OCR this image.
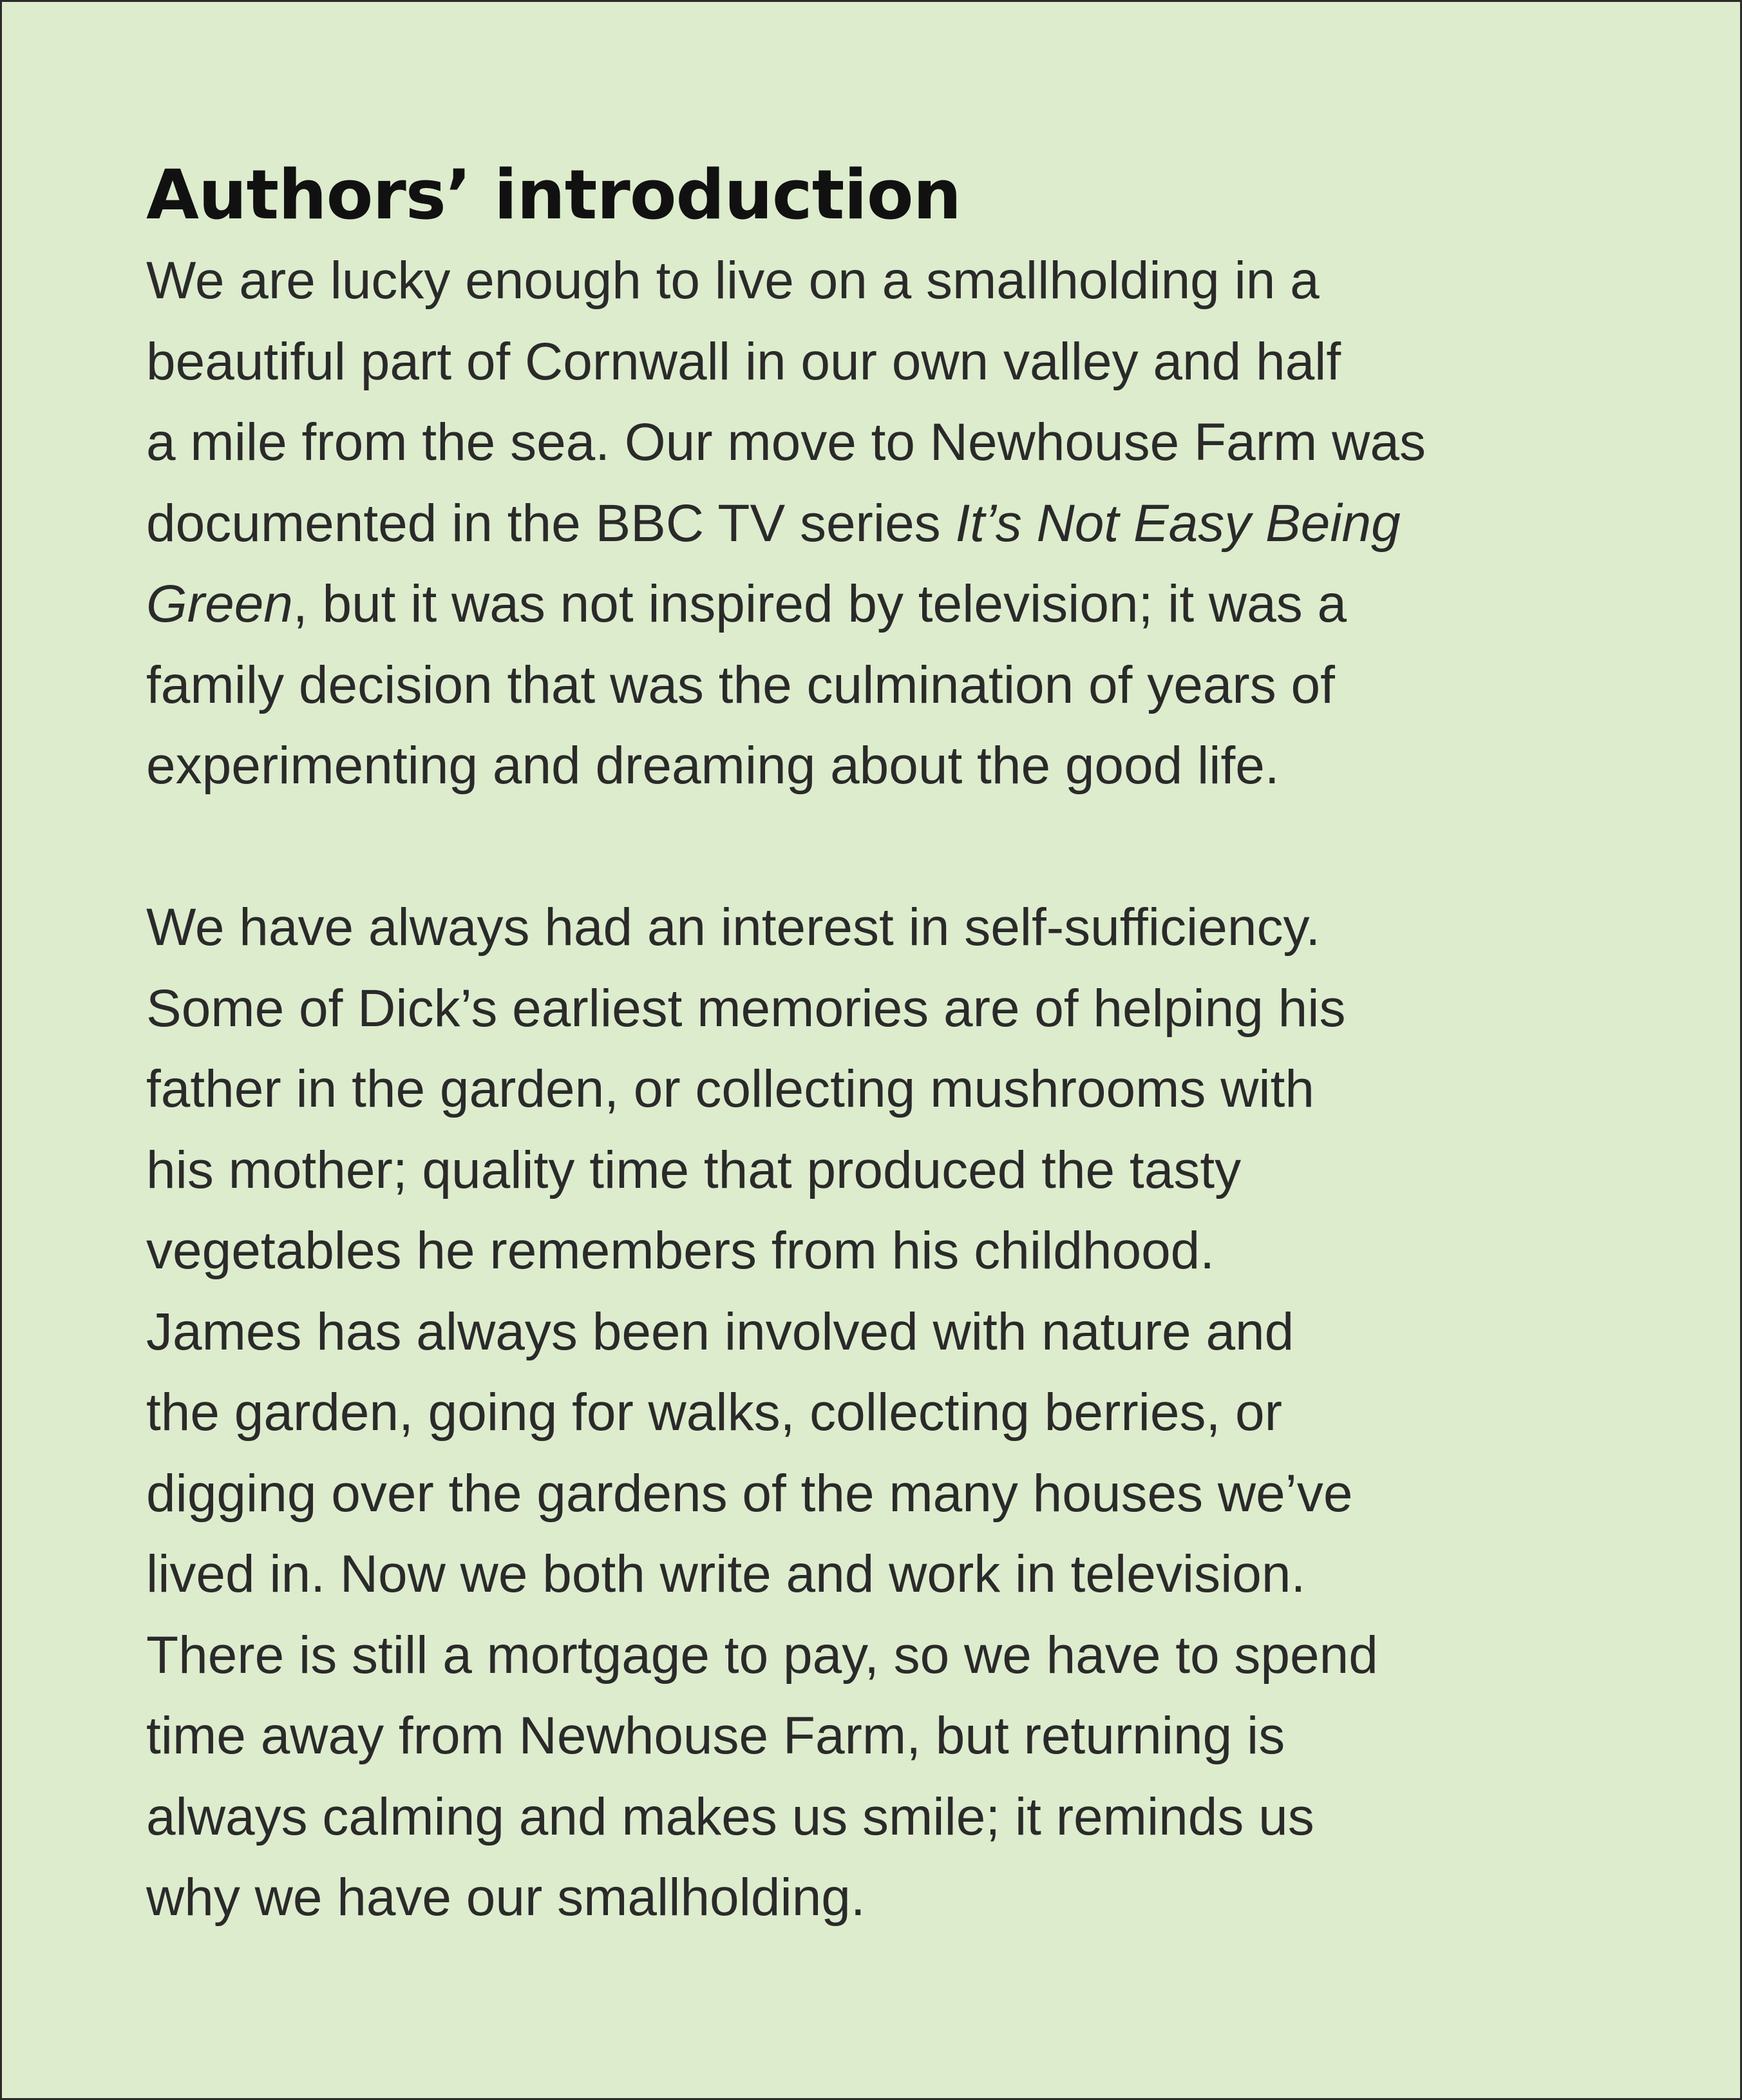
Authors’ introduction

We are lucky enough to live on a smallholding in a
beautiful part of Cornwall in our own valley and half
a mile from the sea. Our move to Newhouse Farm was
documented in the BBC TV series It’s Not Easy Being
Green, but it was not inspired by television; it was a
family decision that was the culmination of years of
experimenting and dreaming about the good life.

We have always had an interest in self-sufficiency.
Some of Dick’s earliest memories are of helping his
father in the garden, or collecting mushrooms with
his mother; quality time that produced the tasty
vegetables he remembers from his childhood.
James has always been involved with nature and
the garden, going for walks, collecting berries, or
digging over the gardens of the many houses we’ve
lived in. Now we both write and work in television.
There is still a mortgage to pay, so we have to spend
time away from Newhouse Farm, but returning is
always calming and makes us smile; it reminds us
why we have our smallholding.
